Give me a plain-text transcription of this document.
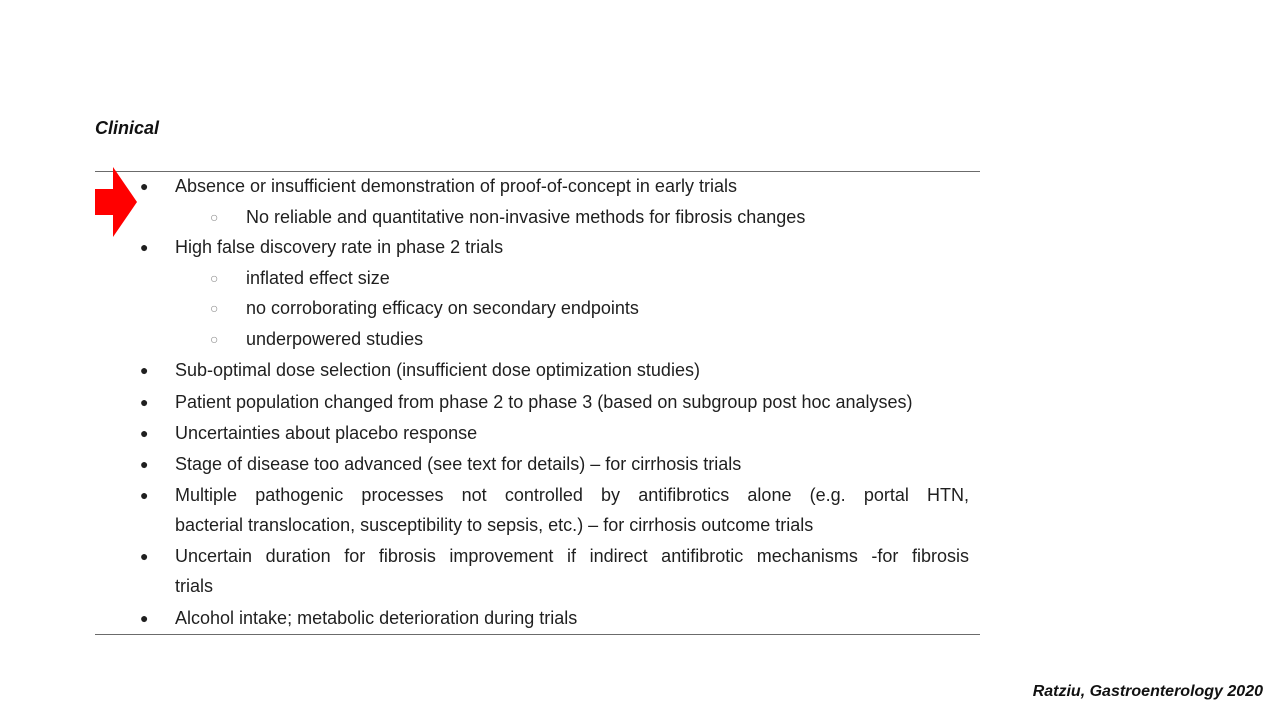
Clinical
● Absence or insufficient demonstration of proof-of-concept in early trials
○ No reliable and quantitative non-invasive methods for fibrosis changes
● High false discovery rate in phase 2 trials
○ inflated effect size
○ no corroborating efficacy on secondary endpoints
○ underpowered studies
● Sub-optimal dose selection (insufficient dose optimization studies)
● Patient population changed from phase 2 to phase 3 (based on subgroup post hoc analyses)
● Uncertainties about placebo response
● Stage of disease too advanced (see text for details) – for cirrhosis trials
● Multiple pathogenic processes not controlled by antifibrotics alone (e.g. portal HTN,
bacterial translocation, susceptibility to sepsis, etc.) – for cirrhosis outcome trials
● Uncertain duration for fibrosis improvement if indirect antifibrotic mechanisms -for fibrosis
trials
● Alcohol intake; metabolic deterioration during trials
Ratziu, Gastroenterology 2020
